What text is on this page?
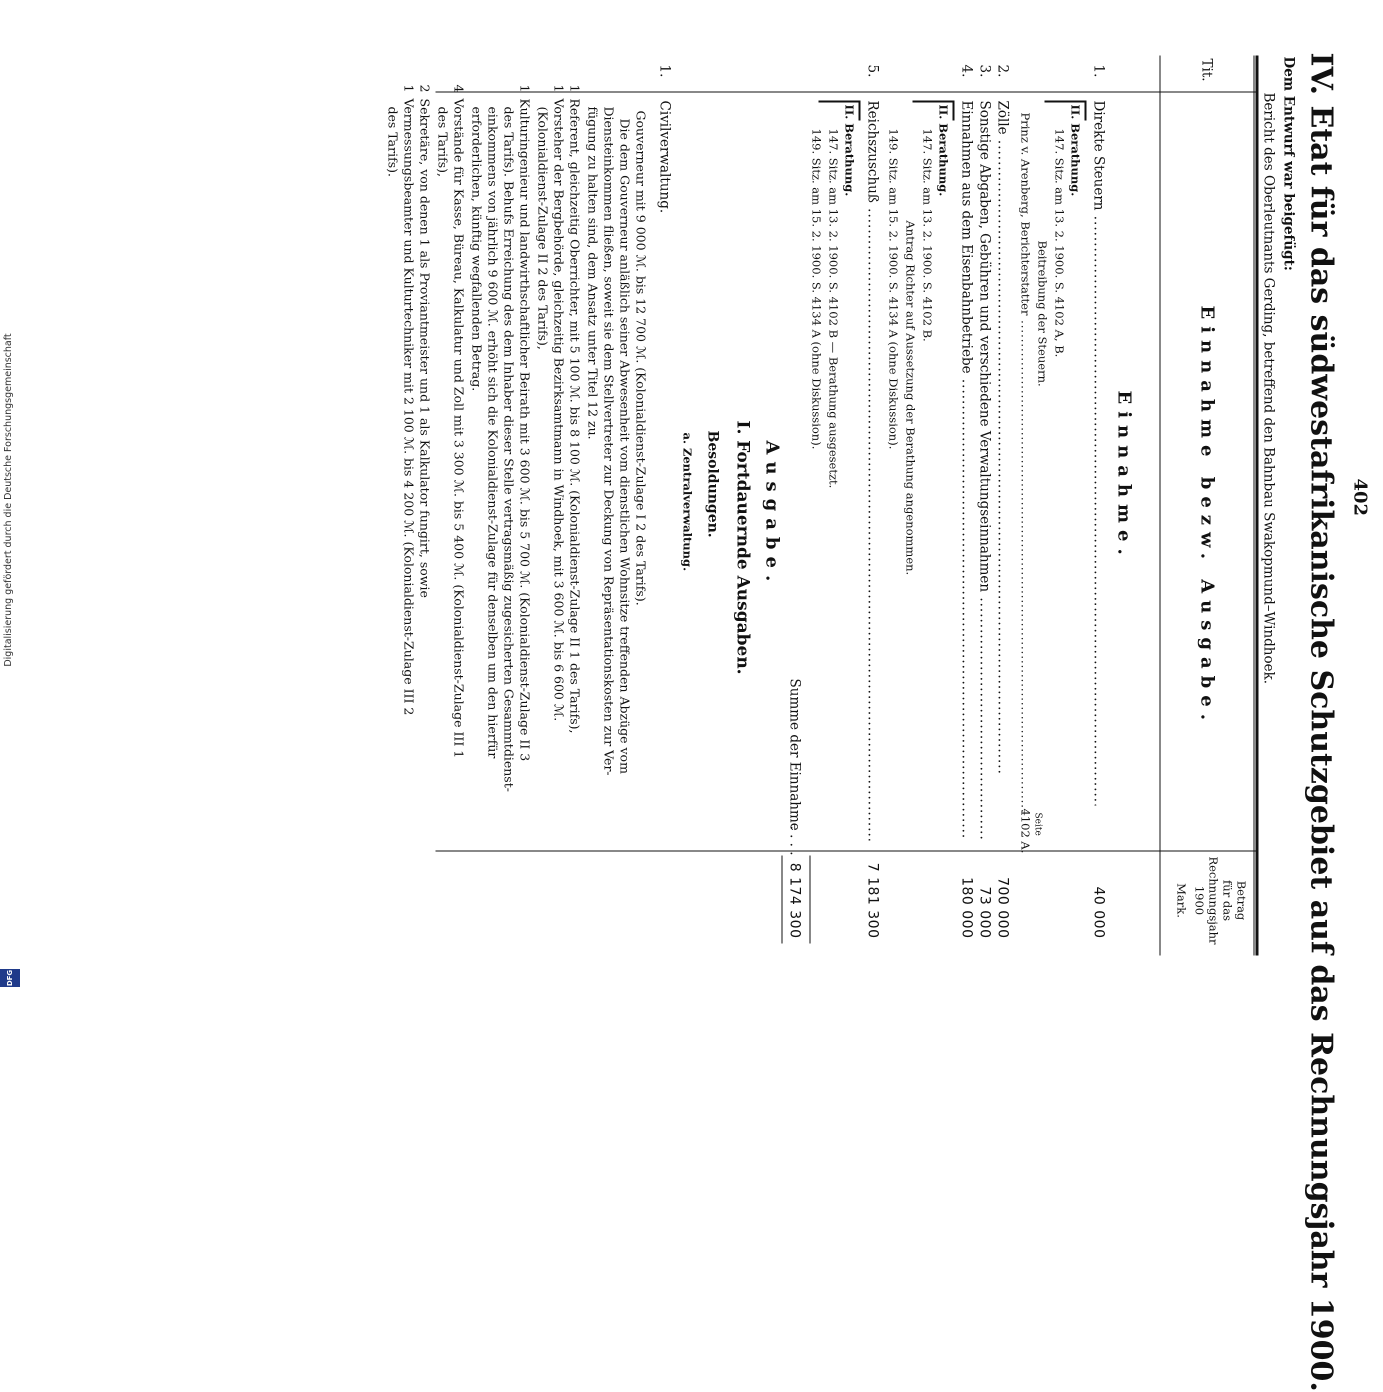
402
IV. Etat für das südwestafrikanische Schutzgebiet auf das Rechnungsjahr 1900.
Dem Entwurf war beigefügt:
Bericht des Oberleutnants Gerding, betreffend den Bahnbau Swakopmund–Windhoek.
Tit.
Einnahme bezw. Ausgabe.
Betrag
für das
Rechnungsjahr
1900
Mark.
Einnahme.
1.
Direkte Steuern .....
40 000
II. Berathung.
147. Sitz. am 13. 2. 1900. S. 4102 A, B.
Beitreibung der Steuern.
Prinz v. Arenberg, Berichterstatter .....
Seite
4102 A.
2.
Zölle .....
700 000
3.
Sonstige Abgaben, Gebühren und verschiedene Verwaltungseinnahmen .....
73 000
4.
Einnahmen aus dem Eisenbahnbetriebe .....
180 000
II. Berathung.
147. Sitz. am 13. 2. 1900. S. 4102 B.
Antrag Richter auf Aussetzung der Berathung angenommen.
149. Sitz. am 15. 2. 1900. S. 4134 A (ohne Diskussion).
5.
Reichszuschuß .....
7 181 300
II. Berathung.
147. Sitz. am 13. 2. 1900. S. 4102 B — Berathung ausgesetzt.
149. Sitz. am 15. 2. 1900. S. 4134 A (ohne Diskussion).
Summe der Einnahme
. . . .
8 174 300
Ausgabe.
I. Fortdauernde Ausgaben.
Besoldungen.
a. Zentralverwaltung.
1.
Civilverwaltung.
Gouverneur mit 9 000 ℳ. bis 12 700 ℳ. (Kolonialdienst-Zulage I 2 des Tarifs).
Die dem Gouverneur anläßlich seiner Abwesenheit vom dienstlichen Wohnsitze treffenden Abzüge vom
Diensteinkommen fließen, soweit sie dem Stellvertreter zur Deckung von Repräsentationskosten zur Ver-
fügung zu halten sind, dem Ansatz unter Titel 12 zu.
1Referent, gleichzeitig Oberrichter, mit 5 100 ℳ. bis 8 100 ℳ. (Kolonialdienst-Zulage II 1 des Tarifs),
1Vorsteher der Bergbehörde, gleichzeitig Bezirksamtmann in Windhoek, mit 3 600 ℳ. bis 6 600 ℳ.
(Kolonialdienst-Zulage II 2 des Tarifs),
1Kulturingenieur und landwirthschaftlicher Beirath mit 3 600 ℳ. bis 5 700 ℳ. (Kolonialdienst-Zulage II 3
des Tarifs). Behufs Erreichung des dem Inhaber dieser Stelle vertragsmäßig zugesicherten Gesammtdienst-
einkommens von jährlich 9 600 ℳ. erhöht sich die Kolonialdienst-Zulage für denselben um den hierfür
erforderlichen, künftig wegfallenden Betrag.
4Vorstände für Kasse, Büreau, Kalkulatur und Zoll mit 3 300 ℳ. bis 5 400 ℳ. (Kolonialdienst-Zulage III 1
des Tarifs),
2Sekretäre, von denen 1 als Proviantmeister und 1 als Kalkulator fungirt, sowie
1Vermessungsbeamter und Kulturtechniker mit 2 100 ℳ. bis 4 200 ℳ. (Kolonialdienst-Zulage III 2
des Tarifs).
Digitalisierung gefördert durch die Deutsche Forschungsgemeinschaft
DFG
